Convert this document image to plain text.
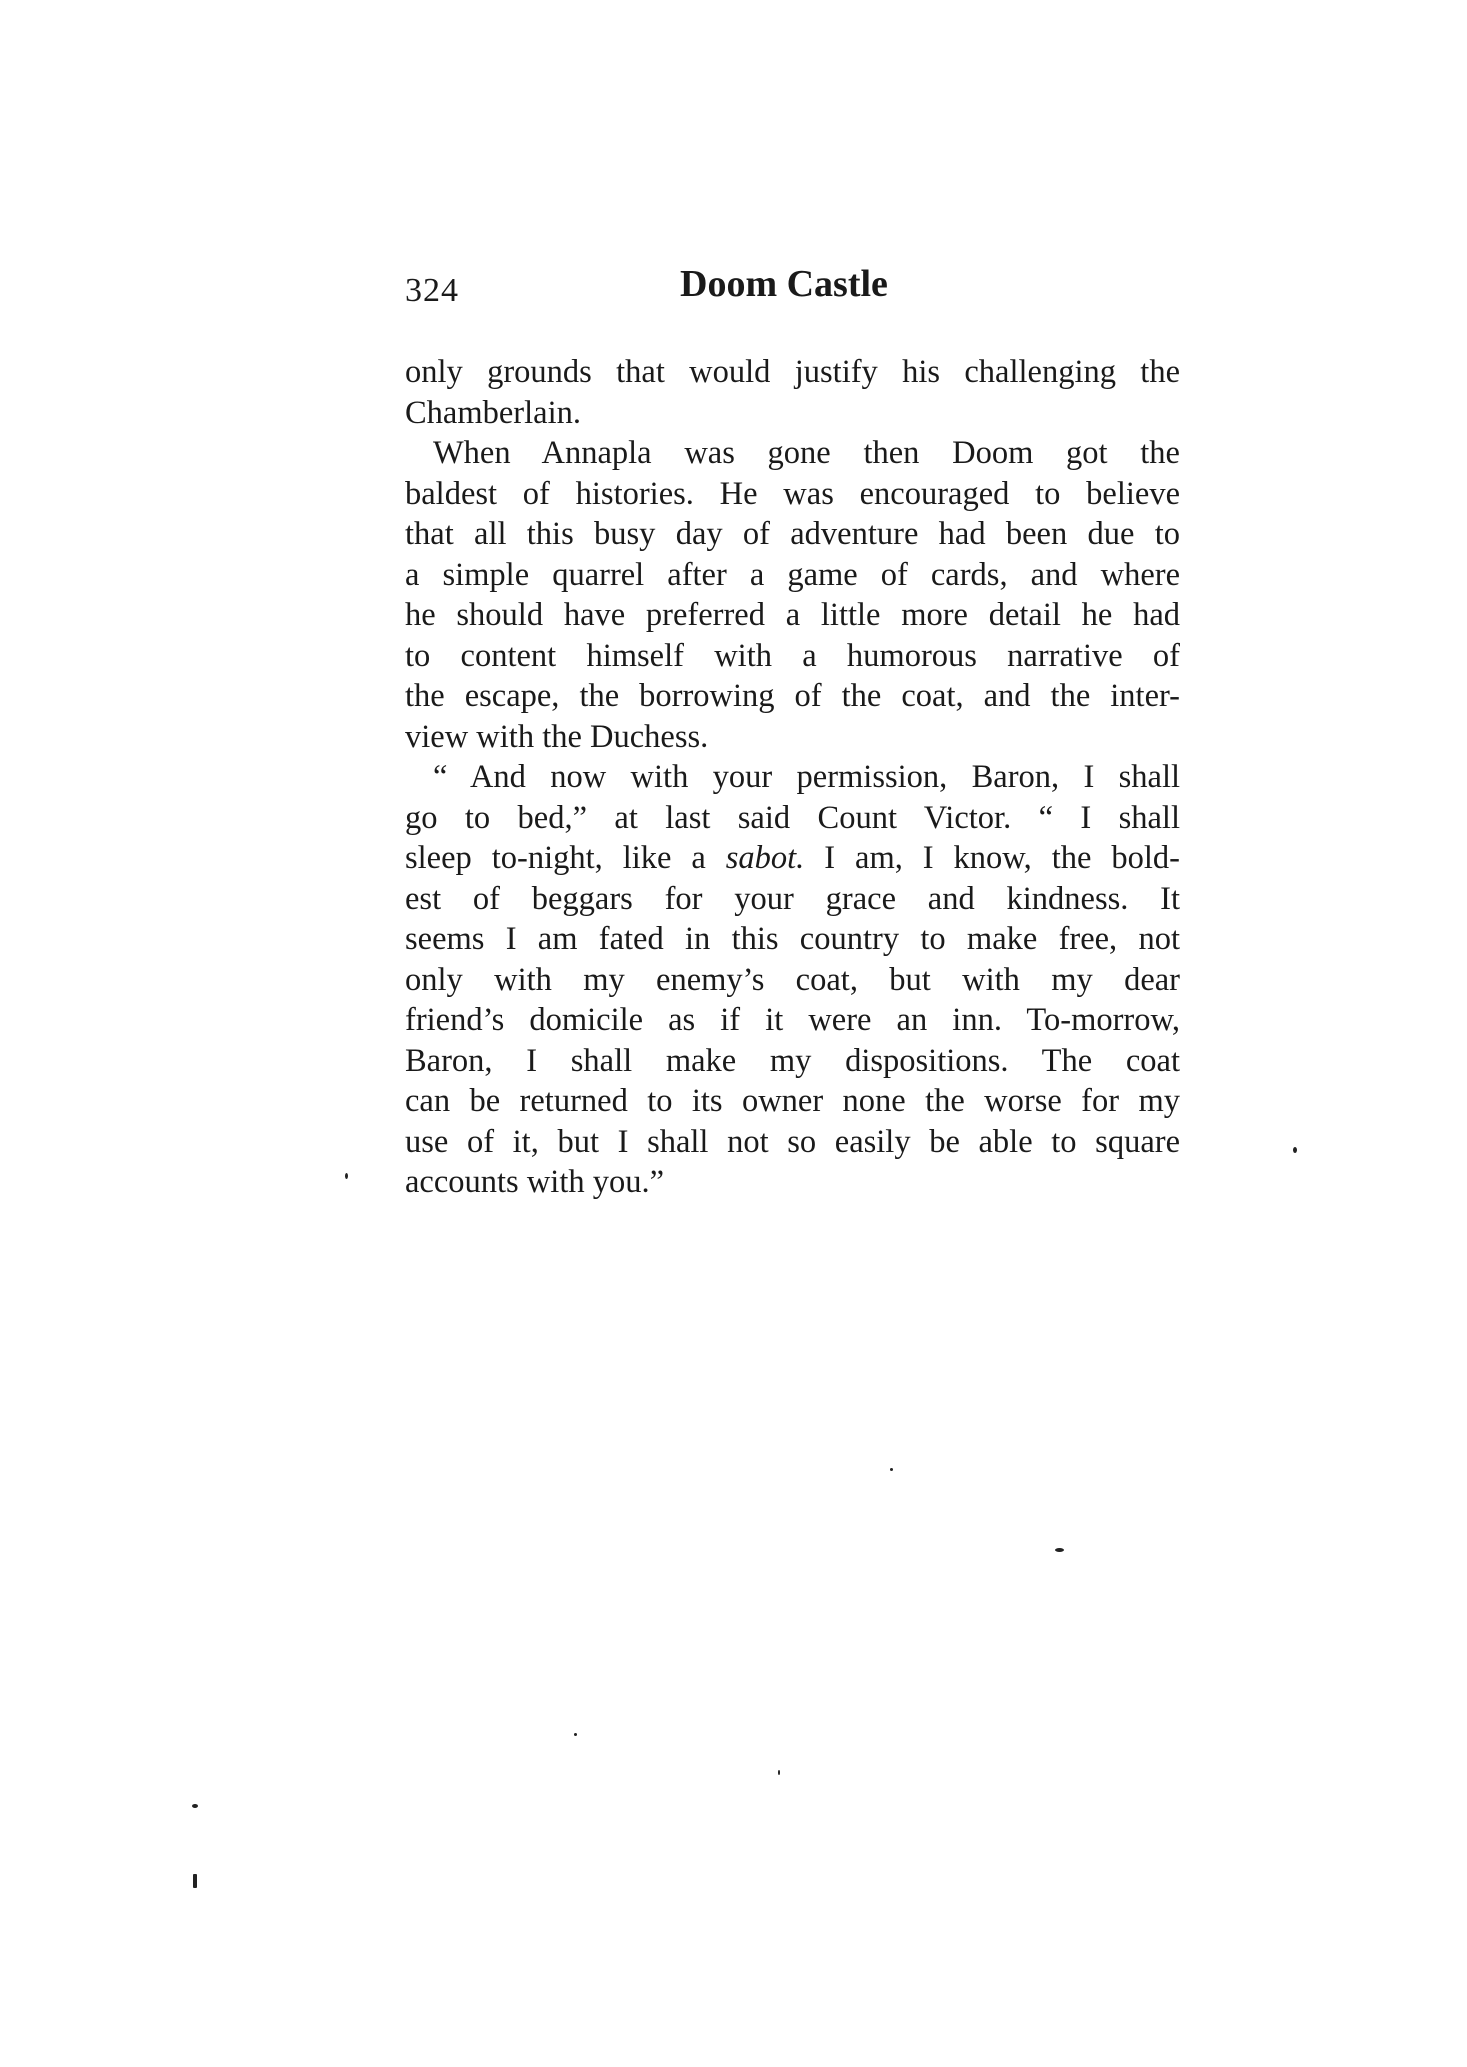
324	Doom Castle

only grounds that would justify his challenging the
Chamberlain.

When Annapla was gone then Doom got the

baldest of histories. He was encouraged to believe
that all this busy day of adventure had been due to
a simple quarrel after a game of cards, and where
he should have preferred a little more detail he had
to content himself with a humorous narrative of
the escape, the borrowing of the coat, and the inter-
view with the Duchess.

“ And now with your permission, Baron, I shall

go to bed,” at last said Count Victor. “ I shall
sleep to-night, like a sabot. I am, I know, the bold-
est of beggars for your grace and kindness. It
seems I am fated in this country to make free, not
only with my enemy’s coat, but with my dear
friend’s domicile as if it were an inn. To-morrow,
Baron, I shall make my dispositions. The coat
can be returned to its owner none the worse for my
use of it, but I shall not so easily be able to square
accounts with you.”
